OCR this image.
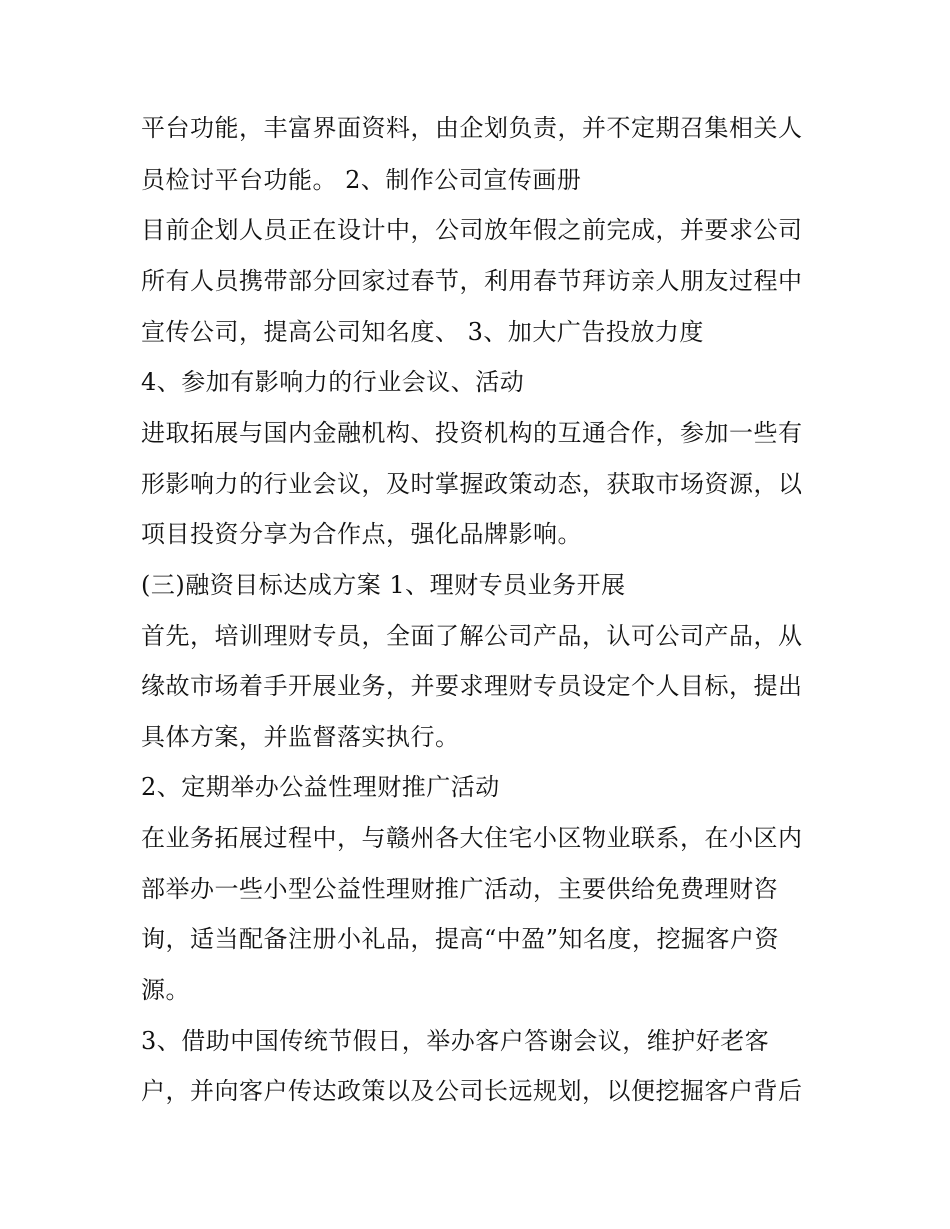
平台功能，丰富界面资料，由企划负责，并不定期召集相关人
员检讨平台功能。 2、制作公司宣传画册
目前企划人员正在设计中，公司放年假之前完成，并要求公司
所有人员携带部分回家过春节，利用春节拜访亲人朋友过程中
宣传公司，提高公司知名度、 3、加大广告投放力度
4、参加有影响力的行业会议、活动
进取拓展与国内金融机构、投资机构的互通合作，参加一些有
形影响力的行业会议，及时掌握政策动态，获取市场资源，以
项目投资分享为合作点，强化品牌影响。
(三)融资目标达成方案 1、理财专员业务开展
首先，培训理财专员，全面了解公司产品，认可公司产品，从
缘故市场着手开展业务，并要求理财专员设定个人目标，提出
具体方案，并监督落实执行。
2、定期举办公益性理财推广活动
在业务拓展过程中，与赣州各大住宅小区物业联系，在小区内
部举办一些小型公益性理财推广活动，主要供给免费理财咨
询，适当配备注册小礼品，提高“中盈”知名度，挖掘客户资
源。
3、借助中国传统节假日，举办客户答谢会议，维护好老客
户，并向客户传达政策以及公司长远规划，以便挖掘客户背后
